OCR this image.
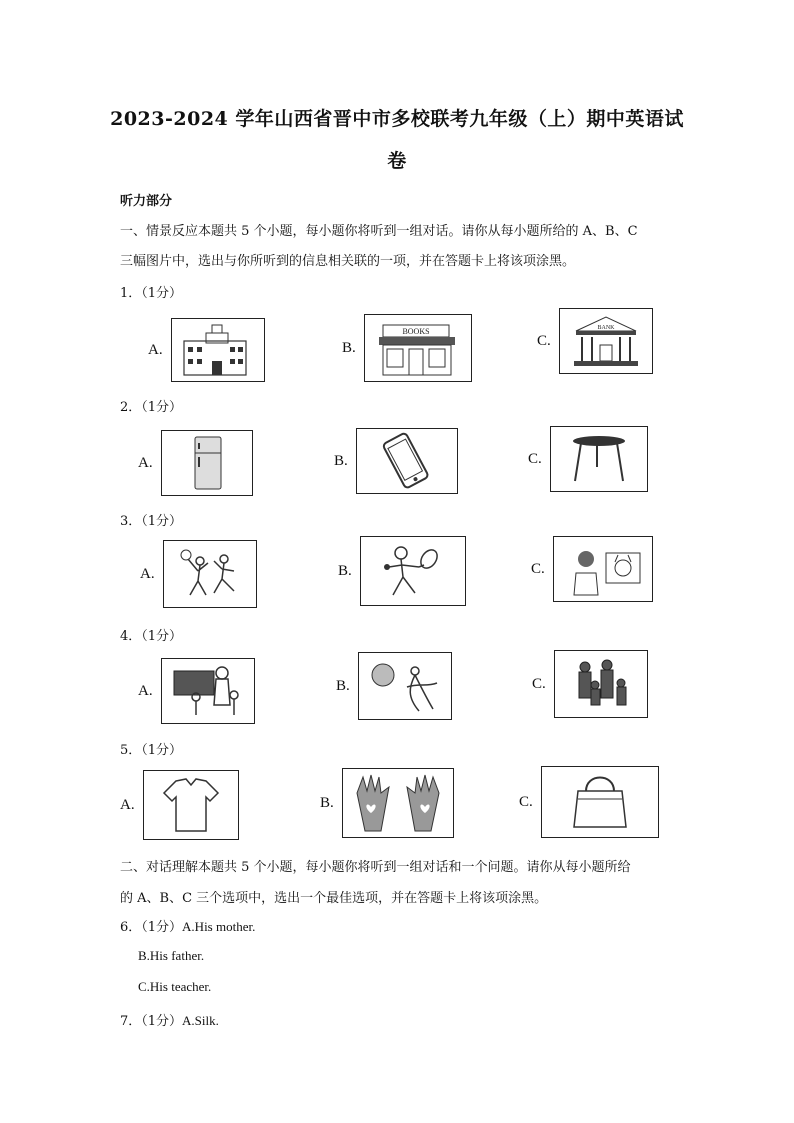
2023-2024 学年山西省晋中市多校联考九年级（上）期中英语试
卷
听力部分
一、情景反应本题共 5 个小题，每小题你将听到一组对话。请你从每小题所给的 A、B、C
三幅图片中，选出与你所听到的信息相关联的一项，并在答题卡上将该项涂黑。
1．（1分）
A.	B.
BOOKS
C.
BANK
2．（1分）
A.	B.	C.
3．（1分）
A.	B.	C.
4．（1分）
A.	B.	C.
5．（1分）
A.	B.	C.
二、对话理解本题共 5 个小题，每小题你将听到一组对话和一个问题。请你从每小题所给
的 A、B、C 三个选项中，选出一个最佳选项，并在答题卡上将该项涂黑。
6．（1分）A.His mother.
B.His father.
C.His teacher.
7．（1分）A.Silk.
